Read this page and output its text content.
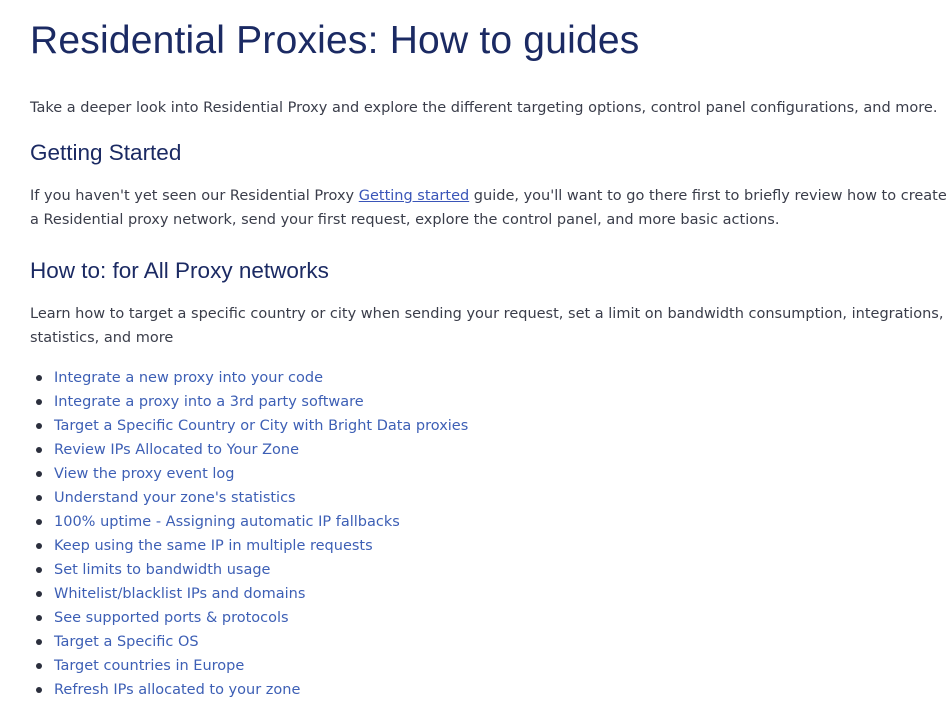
Residential Proxies: How to guides

Take a deeper look into Residential Proxy and explore the different targeting options, control panel configurations, and more.

Getting Started

If you haven't yet seen our Residential Proxy Getting started guide, you'll want to go there first to briefly review how to create a Residential proxy network, send your first request, explore the control panel, and more basic actions.

How to: for All Proxy networks

Learn how to target a specific country or city when sending your request, set a limit on bandwidth consumption, integrations, statistics, and more

Integrate a new proxy into your code
Integrate a proxy into a 3rd party software
Target a Specific Country or City with Bright Data proxies
Review IPs Allocated to Your Zone
View the proxy event log
Understand your zone's statistics
100% uptime - Assigning automatic IP fallbacks
Keep using the same IP in multiple requests
Set limits to bandwidth usage
Whitelist/blacklist IPs and domains
See supported ports & protocols
Target a Specific OS
Target countries in Europe
Refresh IPs allocated to your zone
